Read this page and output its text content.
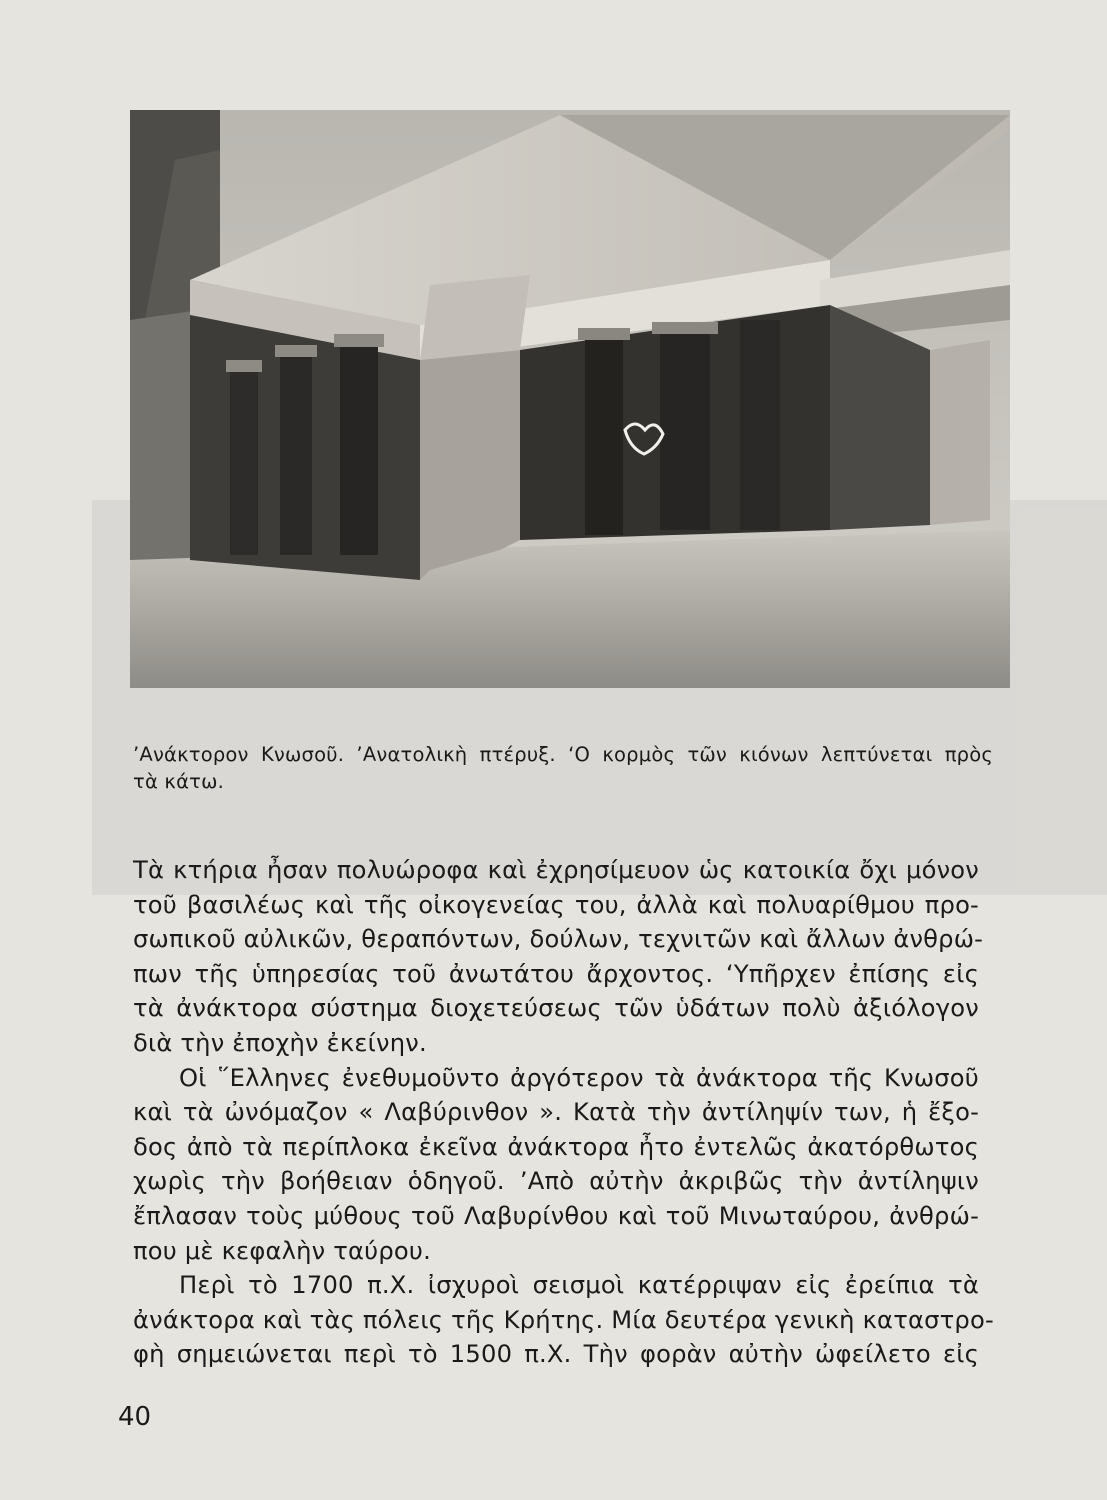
’Ανάκτορον Κνωσοῦ. ’Ανατολικὴ πτέρυξ. ‘Ο κορμὸς τῶν κιόνων λεπτύνεται πρὸς
τὰ κάτω.

Τὰ κτήρια ἦσαν πολυώροφα καὶ ἐχρησίμευον ὡς κατοικία ὄχι μόνον
τοῦ βασιλέως καὶ τῆς οἰκογενείας του, ἀλλὰ καὶ πολυαρίθμου προ-
σωπικοῦ αὐλικῶν, θεραπόντων, δούλων, τεχνιτῶν καὶ ἄλλων ἀνθρώ-
πων τῆς ὑπηρεσίας τοῦ ἀνωτάτου ἄρχοντος. ‘Υπῆρχεν ἐπίσης εἰς
τὰ ἀνάκτορα σύστημα διοχετεύσεως τῶν ὑδάτων πολὺ ἀξιόλογον
διὰ τὴν ἐποχὴν ἐκείνην.

Οἱ ῞Ελληνες ἐνεθυμοῦντο ἀργότερον τὰ ἀνάκτορα τῆς Κνωσοῦ
καὶ τὰ ὠνόμαζον « Λαβύρινθον ». Κατὰ τὴν ἀντίληψίν των, ἡ ἔξο-
δος ἀπὸ τὰ περίπλοκα ἐκεῖνα ἀνάκτορα ἦτο ἐντελῶς ἀκατόρθωτος
χωρὶς τὴν βοήθειαν ὁδηγοῦ. ’Απὸ αὐτὴν ἀκριβῶς τὴν ἀντίληψιν
ἔπλασαν τοὺς μύθους τοῦ Λαβυρίνθου καὶ τοῦ Μινωταύρου, ἀνθρώ-
που μὲ κεφαλὴν ταύρου.

Περὶ τὸ 1700 π.Χ. ἰσχυροὶ σεισμοὶ κατέρριψαν εἰς ἐρείπια τὰ
ἀνάκτορα καὶ τὰς πόλεις τῆς Κρήτης. Μία δευτέρα γενικὴ καταστρο-
φὴ σημειώνεται περὶ τὸ 1500 π.Χ. Τὴν φορὰν αὐτὴν ὠφείλετο εἰς

40
